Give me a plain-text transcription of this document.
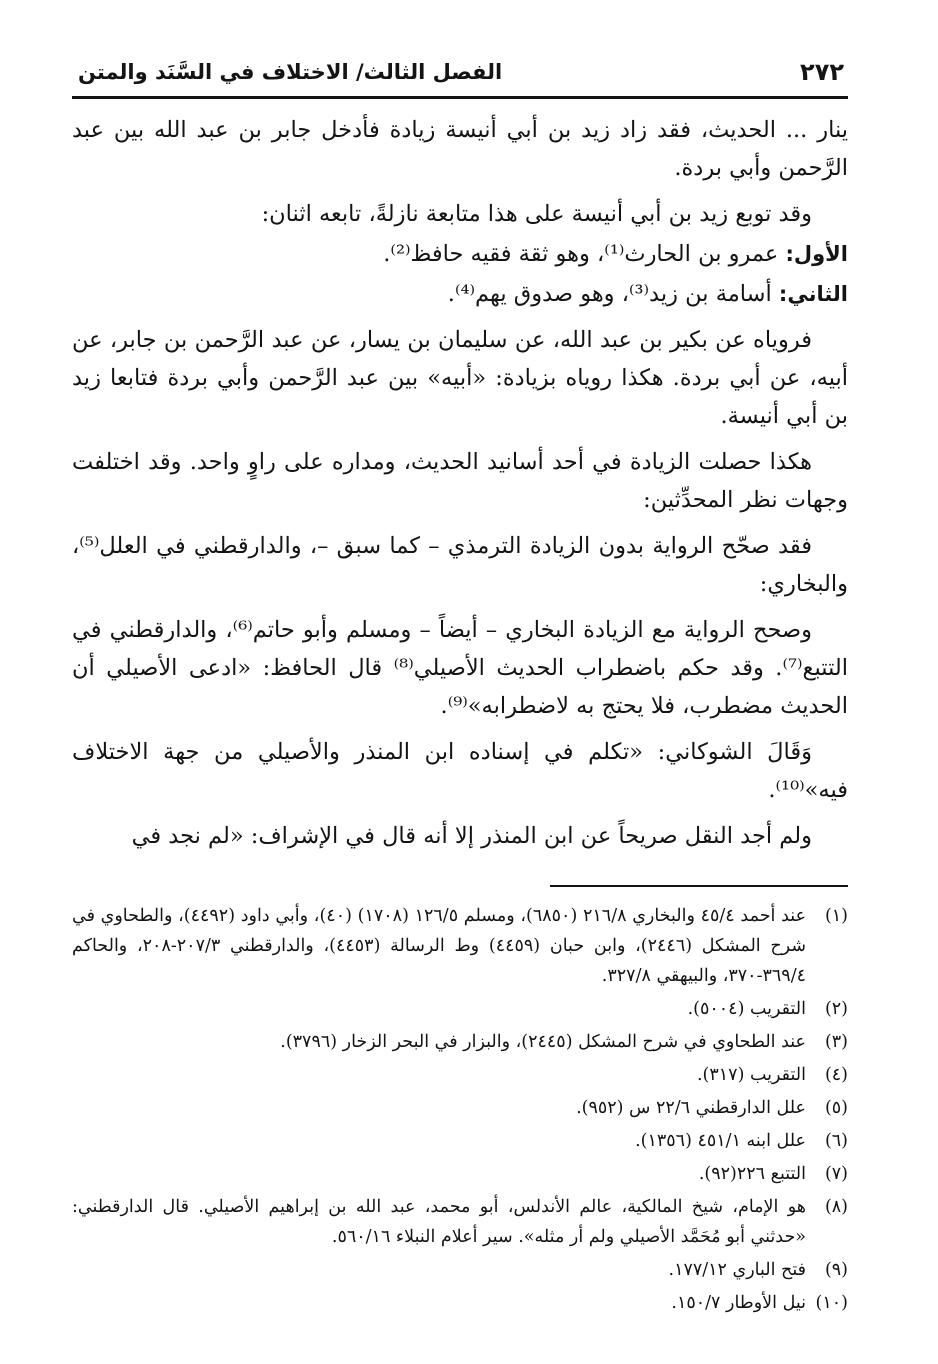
٢٧٢
الفصل الثالث/ الاختلاف في السَّنَد والمتن

ينار ... الحديث، فقد زاد زيد بن أبي أنيسة زيادة فأدخل جابر بن عبد الله بين عبد الرَّحمن وأبي بردة.

وقد توبع زيد بن أبي أنيسة على هذا متابعة نازلةً، تابعه اثنان:

الأول: عمرو بن الحارث⁽¹⁾، وهو ثقة فقيه حافظ⁽²⁾.

الثاني: أسامة بن زيد⁽³⁾، وهو صدوق يهم⁽⁴⁾.

فروياه عن بكير بن عبد الله، عن سليمان بن يسار، عن عبد الرَّحمن بن جابر، عن أبيه، عن أبي بردة. هكذا روياه بزيادة: «أبيه» بين عبد الرَّحمن وأبي بردة فتابعا زيد بن أبي أنيسة.

هكذا حصلت الزيادة في أحد أسانيد الحديث، ومداره على راوٍ واحد. وقد اختلفت وجهات نظر المحدِّثين:

فقد صحّح الرواية بدون الزيادة الترمذي – كما سبق –، والدارقطني في العلل⁽⁵⁾، والبخاري:

وصحح الرواية مع الزيادة البخاري – أيضاً – ومسلم وأبو حاتم⁽⁶⁾، والدارقطني في التتبع⁽⁷⁾. وقد حكم باضطراب الحديث الأصيلي⁽⁸⁾ قال الحافظ: «ادعى الأصيلي أن الحديث مضطرب، فلا يحتج به لاضطرابه»⁽⁹⁾.

وَقَالَ الشوكاني: «تكلم في إسناده ابن المنذر والأصيلي من جهة الاختلاف فيه»⁽¹⁰⁾.

ولم أجد النقل صريحاً عن ابن المنذر إلا أنه قال في الإشراف: «لم نجد في

(١)
عند أحمد ٤٥/٤ والبخاري ٢١٦/٨ (٦٨٥٠)، ومسلم ١٢٦/٥ (١٧٠٨) (٤٠)، وأبي داود (٤٤٩٢)، والطحاوي في شرح المشكل (٢٤٤٦)، وابن حبان (٤٤٥٩) وط الرسالة (٤٤٥٣)، والدارقطني ٢٠٧/٣-٢٠٨، والحاكم ٣٦٩/٤-٣٧٠، والبيهقي ٣٢٧/٨.
(٢)
التقريب (٥٠٠٤).
(٣)
عند الطحاوي في شرح المشكل (٢٤٤٥)، والبزار في البحر الزخار (٣٧٩٦).
(٤)
التقريب (٣١٧).
(٥)
علل الدارقطني ٢٢/٦ س (٩٥٢).
(٦)
علل ابنه ٤٥١/١ (١٣٥٦).
(٧)
التتبع ٢٢٦(٩٢).
(٨)
هو الإمام، شيخ المالكية، عالم الأندلس، أبو محمد، عبد الله بن إبراهيم الأصيلي. قال الدارقطني: «حدثني أبو مُحَمَّد الأصيلي ولم أر مثله». سير أعلام النبلاء ٥٦٠/١٦.
(٩)
فتح الباري ١٧٧/١٢.
(١٠)
نيل الأوطار ١٥٠/٧.
